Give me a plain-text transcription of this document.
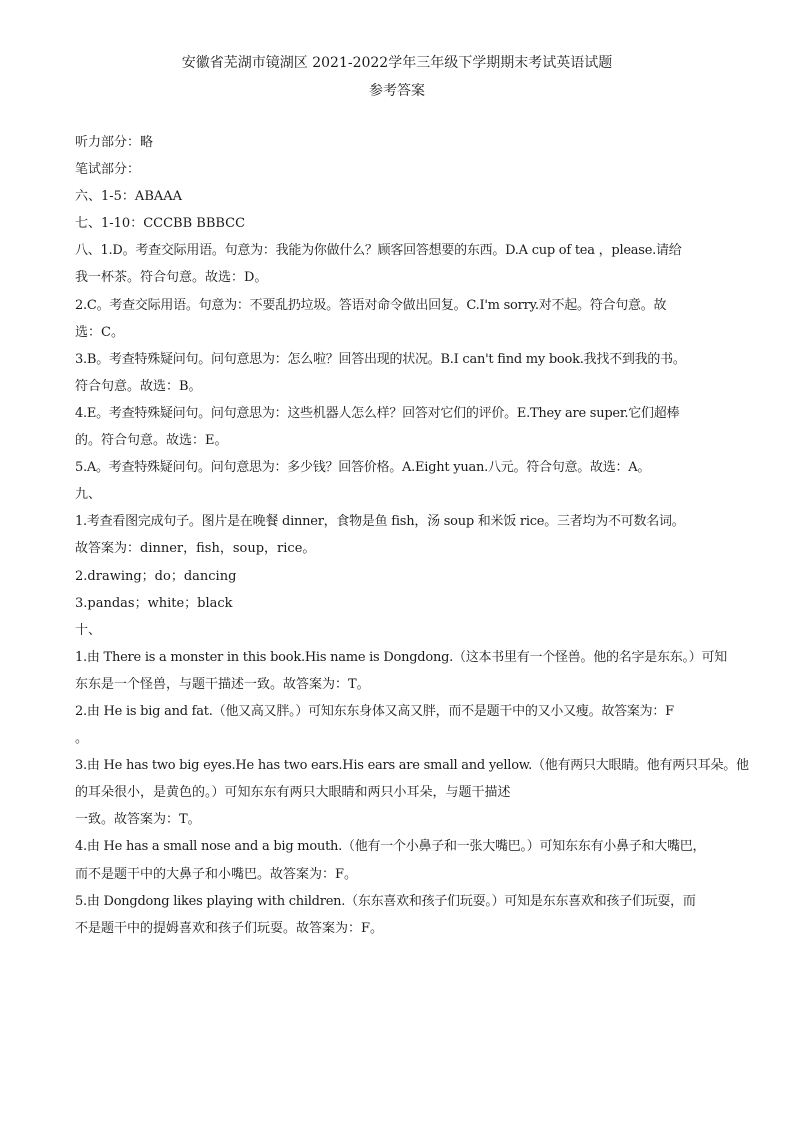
安徽省芜湖市镜湖区 2021-2022学年三年级下学期期末考试英语试题
参考答案
听力部分：略
笔试部分：
六、1-5：ABAAA
七、1-10：CCCBB BBBCC
八、1.D。考查交际用语。句意为：我能为你做什么？顾客回答想要的东西。D.A cup of tea ，please.请给
我一杯茶。符合句意。故选：D。
2.C。考查交际用语。句意为：不要乱扔垃圾。答语对命令做出回复。C.I'm sorry.对不起。符合句意。故
选：C。
3.B。考查特殊疑问句。问句意思为：怎么啦？回答出现的状况。B.I can't find my book.我找不到我的书。
符合句意。故选：B。
4.E。考查特殊疑问句。问句意思为：这些机器人怎么样？回答对它们的评价。E.They are super.它们超棒
的。符合句意。故选：E。
5.A。考查特殊疑问句。问句意思为：多少钱？回答价格。A.Eight yuan.八元。符合句意。故选：A。
九、
1.考查看图完成句子。图片是在晚餐 dinner，食物是鱼 fish，汤 soup 和米饭 rice。三者均为不可数名词。
故答案为：dinner，fish，soup，rice。
2.drawing；do；dancing
3.pandas；white；black
十、
1.由 There is a monster in this book.His name is Dongdong.（这本书里有一个怪兽。他的名字是东东。）可知
东东是一个怪兽，与题干描述一致。故答案为：T。
2.由 He is big and fat.（他又高又胖。）可知东东身体又高又胖，而不是题干中的又小又瘦。故答案为：F
。
3.由 He has two big eyes.He has two ears.His ears are small and yellow.（他有两只大眼睛。他有两只耳朵。他
的耳朵很小，是黄色的。）可知东东有两只大眼睛和两只小耳朵，与题干描述
一致。故答案为：T。
4.由 He has a small nose and a big mouth.（他有一个小鼻子和一张大嘴巴。）可知东东有小鼻子和大嘴巴，
而不是题干中的大鼻子和小嘴巴。故答案为：F。
5.由 Dongdong likes playing with children.（东东喜欢和孩子们玩耍。）可知是东东喜欢和孩子们玩耍，而
不是题干中的提姆喜欢和孩子们玩耍。故答案为：F。
